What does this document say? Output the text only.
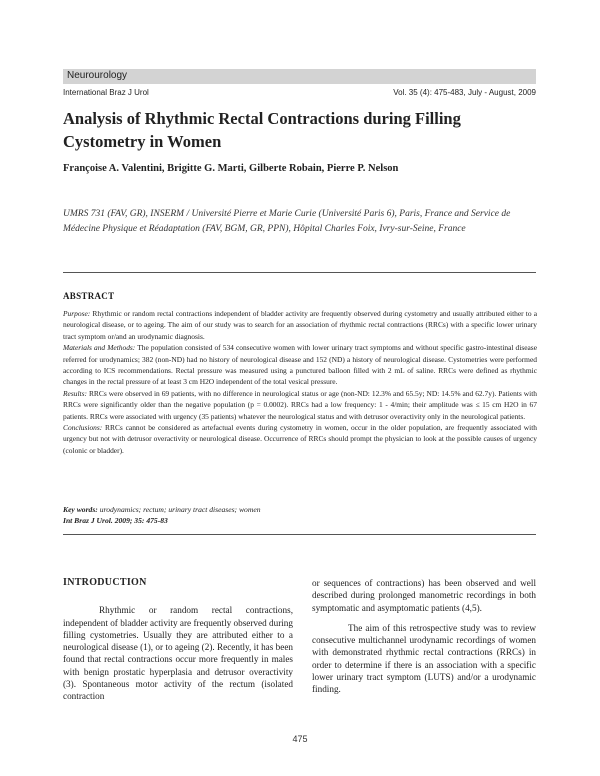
Neurourology
International Braz J Urol	Vol. 35 (4): 475-483, July - August, 2009
Analysis of Rhythmic Rectal Contractions during Filling Cystometry in Women
Françoise A. Valentini, Brigitte G. Marti, Gilberte Robain, Pierre P. Nelson
UMRS 731 (FAV, GR), INSERM / Université Pierre et Marie Curie (Université Paris 6), Paris, France and Service de Médecine Physique et Réadaptation (FAV, BGM, GR, PPN), Hôpital Charles Foix, Ivry-sur-Seine, France
ABSTRACT

Purpose: Rhythmic or random rectal contractions independent of bladder activity are frequently observed during cystometry and usually attributed either to a neurological disease, or to ageing. The aim of our study was to search for an association of rhythmic rectal contractions (RRCs) with a specific lower urinary tract symptom or/and an urodynamic diagnosis.

Materials and Methods: The population consisted of 534 consecutive women with lower urinary tract symptoms and without specific gastro-intestinal disease referred for urodynamics; 382 (non-ND) had no history of neurological disease and 152 (ND) a history of neurological disease. Cystometries were performed according to ICS recommendations. Rectal pressure was measured using a punctured balloon filled with 2 mL of saline. RRCs were defined as rhythmic changes in the rectal pressure of at least 3 cm H2O independent of the total vesical pressure.

Results: RRCs were observed in 69 patients, with no difference in neurological status or age (non-ND: 12.3% and 65.5y; ND: 14.5% and 62.7y). Patients with RRCs were significantly older than the negative population (p = 0.0002). RRCs had a low frequency: 1 - 4/min; their amplitude was ≤ 15 cm H2O in 67 patients. RRCs were associated with urgency (35 patients) whatever the neurological status and with detrusor overactivity only in the neurological patients.

Conclusions: RRCs cannot be considered as artefactual events during cystometry in women, occur in the older population, are frequently associated with urgency but not with detrusor overactivity or neurological disease. Occurrence of RRCs should prompt the physician to look at the possible causes of urgency (colonic or bladder).

Key words: urodynamics; rectum; urinary tract diseases; women
Int Braz J Urol. 2009; 35: 475-83

INTRODUCTION

Rhythmic or random rectal contractions, independent of bladder activity are frequently observed during filling cystometries. Usually they are attributed either to a neurological disease (1), or to ageing (2). Recently, it has been found that rectal contractions occur more frequently in males with benign prostatic hyperplasia and detrusor overactivity (3). Spontaneous motor activity of the rectum (isolated contraction

or sequences of contractions) has been observed and well described during prolonged manometric recordings in both symptomatic and asymptomatic patients (4,5).

The aim of this retrospective study was to review consecutive multichannel urodynamic recordings of women with demonstrated rhythmic rectal contractions (RRCs) in order to determine if there is an association with a specific lower urinary tract symptom (LUTS) and/or a urodynamic finding.

475
